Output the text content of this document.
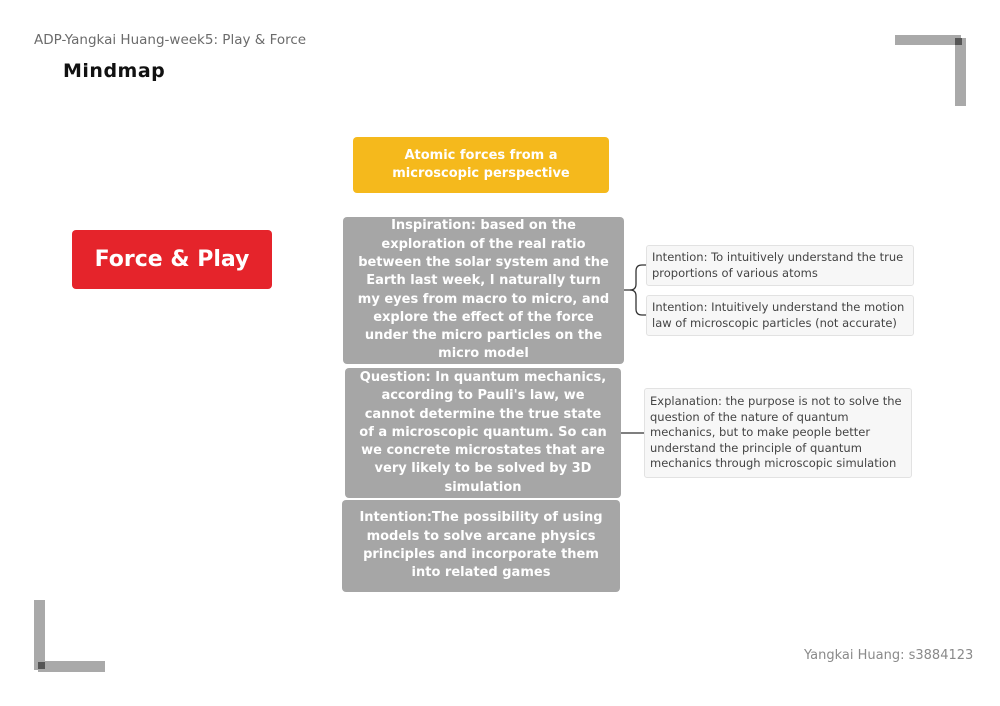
ADP-Yangkai Huang-week5: Play & Force
Mindmap
Force & Play
Atomic forces from a microscopic perspective
Inspiration: based on the exploration of the real ratio between the solar system and the Earth last week, I naturally turn my eyes from macro to micro, and explore the effect of the force under the micro particles on the micro model
Question: In quantum mechanics, according to Pauli's law, we cannot determine the true state of a microscopic quantum. So can we concrete microstates that are very likely to be solved by 3D simulation
Intention:The possibility of using models to solve arcane physics principles and incorporate them into related games
Intention: To intuitively understand the true proportions of various atoms
Intention: Intuitively understand the motion law of microscopic particles (not accurate)
Explanation: the purpose is not to solve the question of the nature of quantum mechanics, but to make people better understand the principle of quantum mechanics through microscopic simulation
Yangkai Huang: s3884123
